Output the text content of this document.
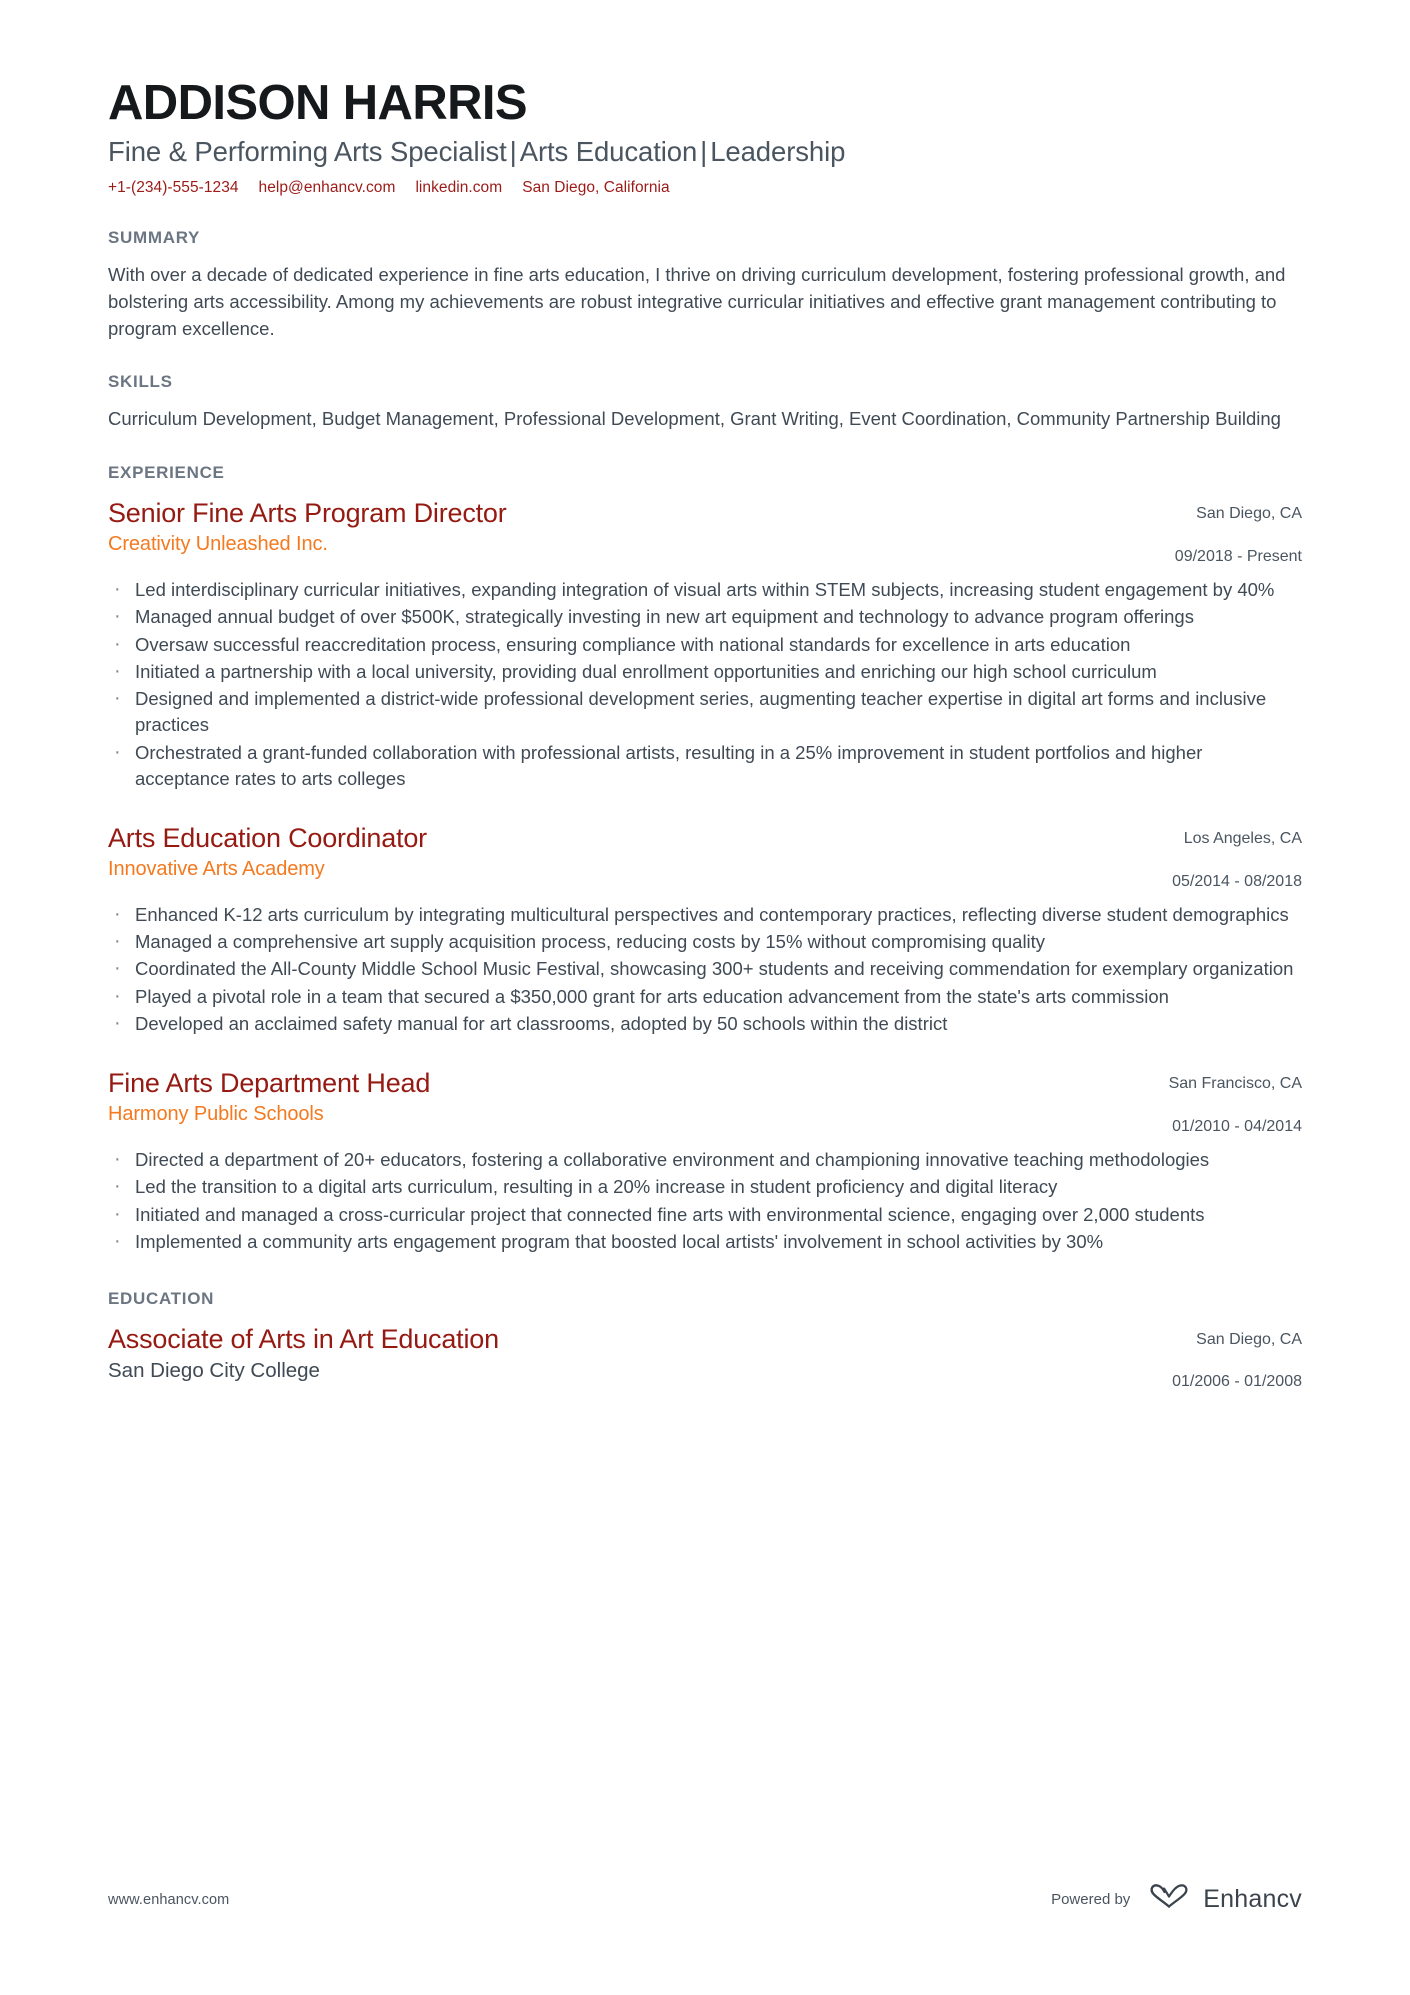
ADDISON HARRIS
Fine & Performing Arts Specialist | Arts Education | Leadership
+1-(234)-555-1234 help@enhancv.com linkedin.com San Diego, California
SUMMARY

With over a decade of dedicated experience in fine arts education, I thrive on driving curriculum development, fostering professional growth, and bolstering arts accessibility. Among my achievements are robust integrative curricular initiatives and effective grant management contributing to program excellence.

SKILLS

Curriculum Development, Budget Management, Professional Development, Grant Writing, Event Coordination, Community Partnership Building

EXPERIENCE
Senior Fine Arts Program Director
Creativity Unleashed Inc.
San Diego, CA
09/2018 - Present
· Led interdisciplinary curricular initiatives, expanding integration of visual arts within STEM subjects, increasing student engagement by 40%
· Managed annual budget of over $500K, strategically investing in new art equipment and technology to advance program offerings
· Oversaw successful reaccreditation process, ensuring compliance with national standards for excellence in arts education
· Initiated a partnership with a local university, providing dual enrollment opportunities and enriching our high school curriculum
· Designed and implemented a district-wide professional development series, augmenting teacher expertise in digital art forms and inclusive practices
· Orchestrated a grant-funded collaboration with professional artists, resulting in a 25% improvement in student portfolios and higher acceptance rates to arts colleges
Arts Education Coordinator
Innovative Arts Academy
Los Angeles, CA
05/2014 - 08/2018
· Enhanced K-12 arts curriculum by integrating multicultural perspectives and contemporary practices, reflecting diverse student demographics
· Managed a comprehensive art supply acquisition process, reducing costs by 15% without compromising quality
· Coordinated the All-County Middle School Music Festival, showcasing 300+ students and receiving commendation for exemplary organization
· Played a pivotal role in a team that secured a $350,000 grant for arts education advancement from the state's arts commission
· Developed an acclaimed safety manual for art classrooms, adopted by 50 schools within the district
Fine Arts Department Head
Harmony Public Schools
San Francisco, CA
01/2010 - 04/2014
· Directed a department of 20+ educators, fostering a collaborative environment and championing innovative teaching methodologies
· Led the transition to a digital arts curriculum, resulting in a 20% increase in student proficiency and digital literacy
· Initiated and managed a cross-curricular project that connected fine arts with environmental science, engaging over 2,000 students
· Implemented a community arts engagement program that boosted local artists' involvement in school activities by 30%
EDUCATION
Associate of Arts in Art Education
San Diego City College
San Diego, CA
01/2006 - 01/2008
www.enhancv.com	Powered by	Enhancv
